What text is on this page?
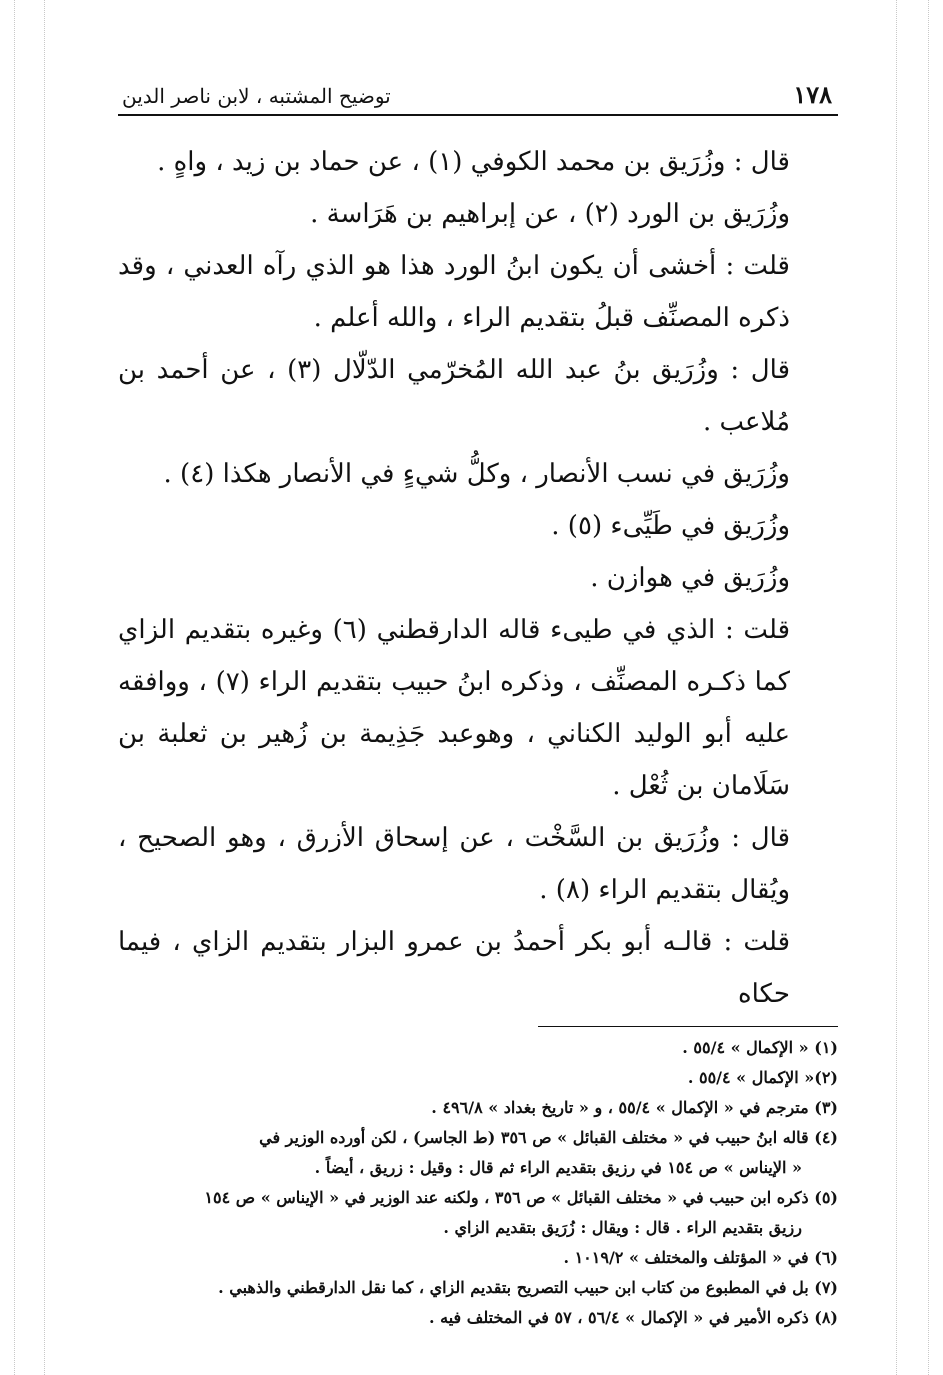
١٧٨
توضيح المشتبه ، لابن ناصر الدين

قال : وزُرَيق بن محمد الكوفي (١) ، عن حماد بن زيد ، واهٍ .

وزُرَيق بن الورد (٢) ، عن إبراهيم بن هَرَاسة .

قلت : أخشى أن يكون ابنُ الورد هذا هو الذي رآه العدني ، وقد ذكره المصنِّف قبلُ بتقديم الراء ، والله أعلم .

قال : وزُرَيق بنُ عبد الله المُخرّمي الدّلّال (٣) ، عن أحمد بن مُلاعب .

وزُرَيق في نسب الأنصار ، وكلُّ شيءٍ في الأنصار هكذا (٤) .

وزُرَيق في طَيِّىء (٥) .

وزُرَيق في هوازن .

قلت : الذي في طيىء قاله الدارقطني (٦) وغيره بتقديم الزاي كما ذكـره المصنِّف ، وذكره ابنُ حبيب بتقديم الراء (٧) ، ووافقه عليه أبو الوليد الكناني ، وهوعبد جَذِيمة بن زُهير بن ثعلبة بن سَلَامان بن ثُعْل .

قال : وزُرَيق بن السَّخْت ، عن إسحاق الأزرق ، وهو الصحيح ، ويُقال بتقديم الراء (٨) .

قلت : قالـه أبو بكر أحمدُ بن عمرو البزار بتقديم الزاي ، فيما حكاه

(١) « الإكمال » ٥٥/٤ .

(٢)« الإكمال » ٥٥/٤ .

(٣) مترجم في « الإكمال » ٥٥/٤ ، و « تاريخ بغداد » ٤٩٦/٨ .

(٤) قاله ابنُ حبيب في « مختلف القبائل » ص ٣٥٦ (ط الجاسر) ، لكن أورده الوزير في

« الإيناس » ص ١٥٤ في رزيق بتقديم الراء ثم قال : وقيل : زريق ، أيضاً .

(٥) ذكره ابن حبيب في « مختلف القبائل » ص ٣٥٦ ، ولكنه عند الوزير في « الإيناس » ص ١٥٤

رزيق بتقديم الراء . قال : ويقال : زُرَيق بتقديم الزاي .

(٦) في « المؤتلف والمختلف » ١٠١٩/٢ .

(٧) بل في المطبوع من كتاب ابن حبيب التصريح بتقديم الزاي ، كما نقل الدارقطني والذهبي .

(٨) ذكره الأمير في « الإكمال » ٥٦/٤ ، ٥٧ في المختلف فيه .
